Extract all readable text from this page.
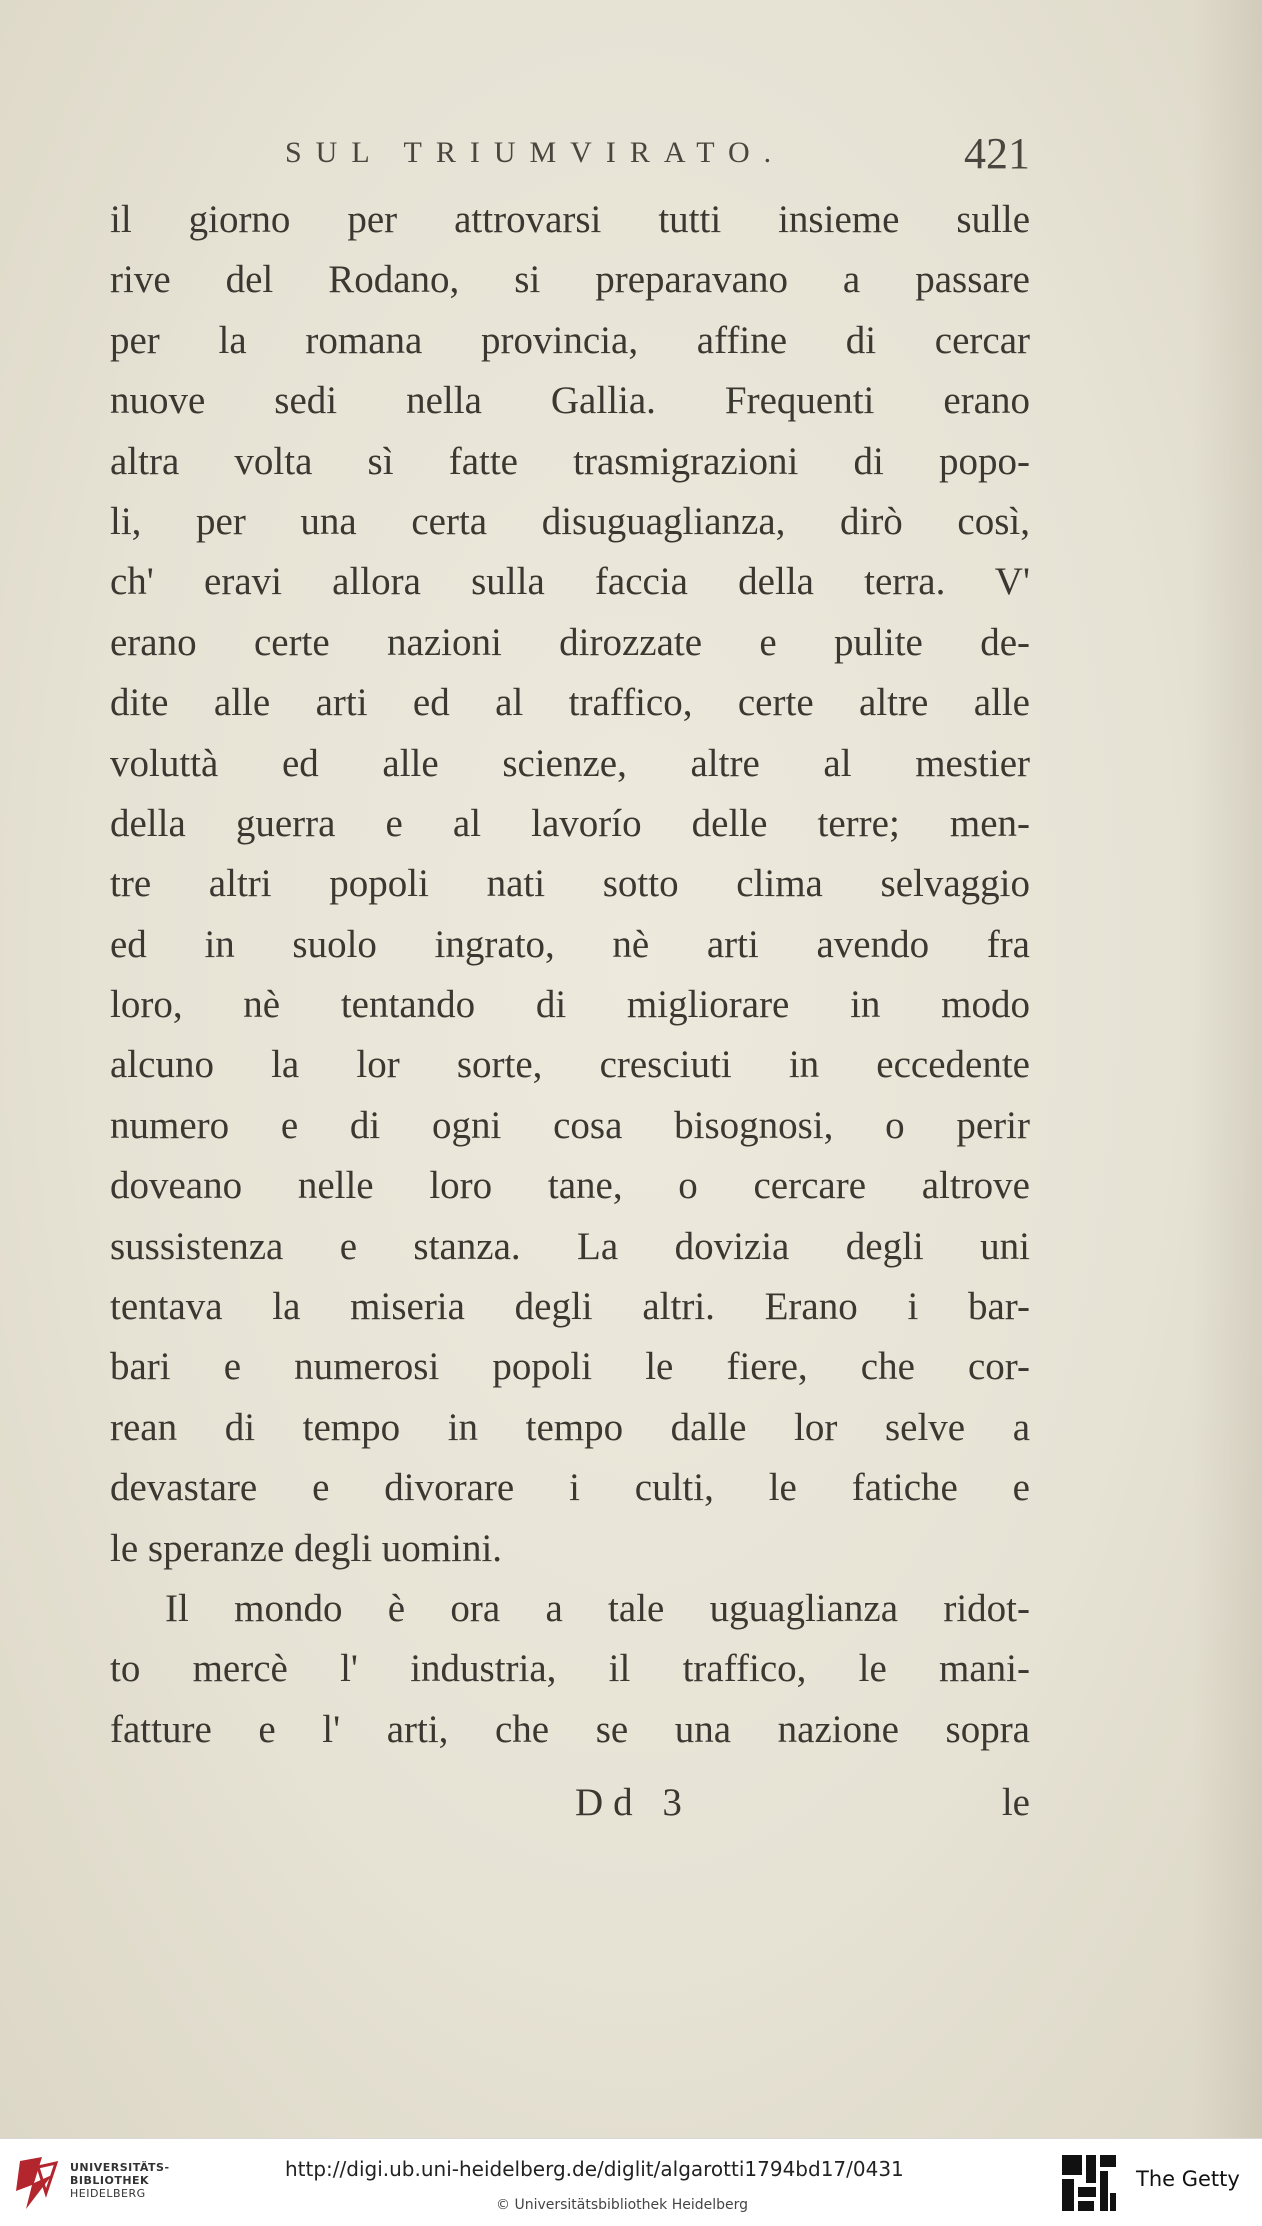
SUL TRIUMVIRATO.	421
il giorno per attrovarsi tutti insieme sulle
rive del Rodano, si preparavano a passare
per la romana provincia, affine di cercar
nuove sedi nella Gallia. Frequenti erano
altra volta sì fatte trasmigrazioni di popo-
li, per una certa disuguaglianza, dirò così,
ch' eravi allora sulla faccia della terra. V'
erano certe nazioni dirozzate e pulite de-
dite alle arti ed al traffico, certe altre alle
voluttà ed alle scienze, altre al mestier
della guerra e al lavorío delle terre; men-
tre altri popoli nati sotto clima selvaggio
ed in suolo ingrato, nè arti avendo fra
loro, nè tentando di migliorare in modo
alcuno la lor sorte, cresciuti in eccedente
numero e di ogni cosa bisognosi, o perir
doveano nelle loro tane, o cercare altrove
sussistenza e stanza. La dovizia degli uni
tentava la miseria degli altri. Erano i bar-
bari e numerosi popoli le fiere, che cor-
rean di tempo in tempo dalle lor selve a
devastare e divorare i culti, le fatiche e
le speranze degli uomini.
Il mondo è ora a tale uguaglianza ridot-
to mercè l' industria, il traffico, le mani-
fatture e l' arti, che se una nazione sopra
Dd 3	le
UNIVERSITÄTS-
BIBLIOTHEK
HEIDELBERG
http://digi.ub.uni-heidelberg.de/diglit/algarotti1794bd17/0431
© Universitätsbibliothek Heidelberg
The Getty
